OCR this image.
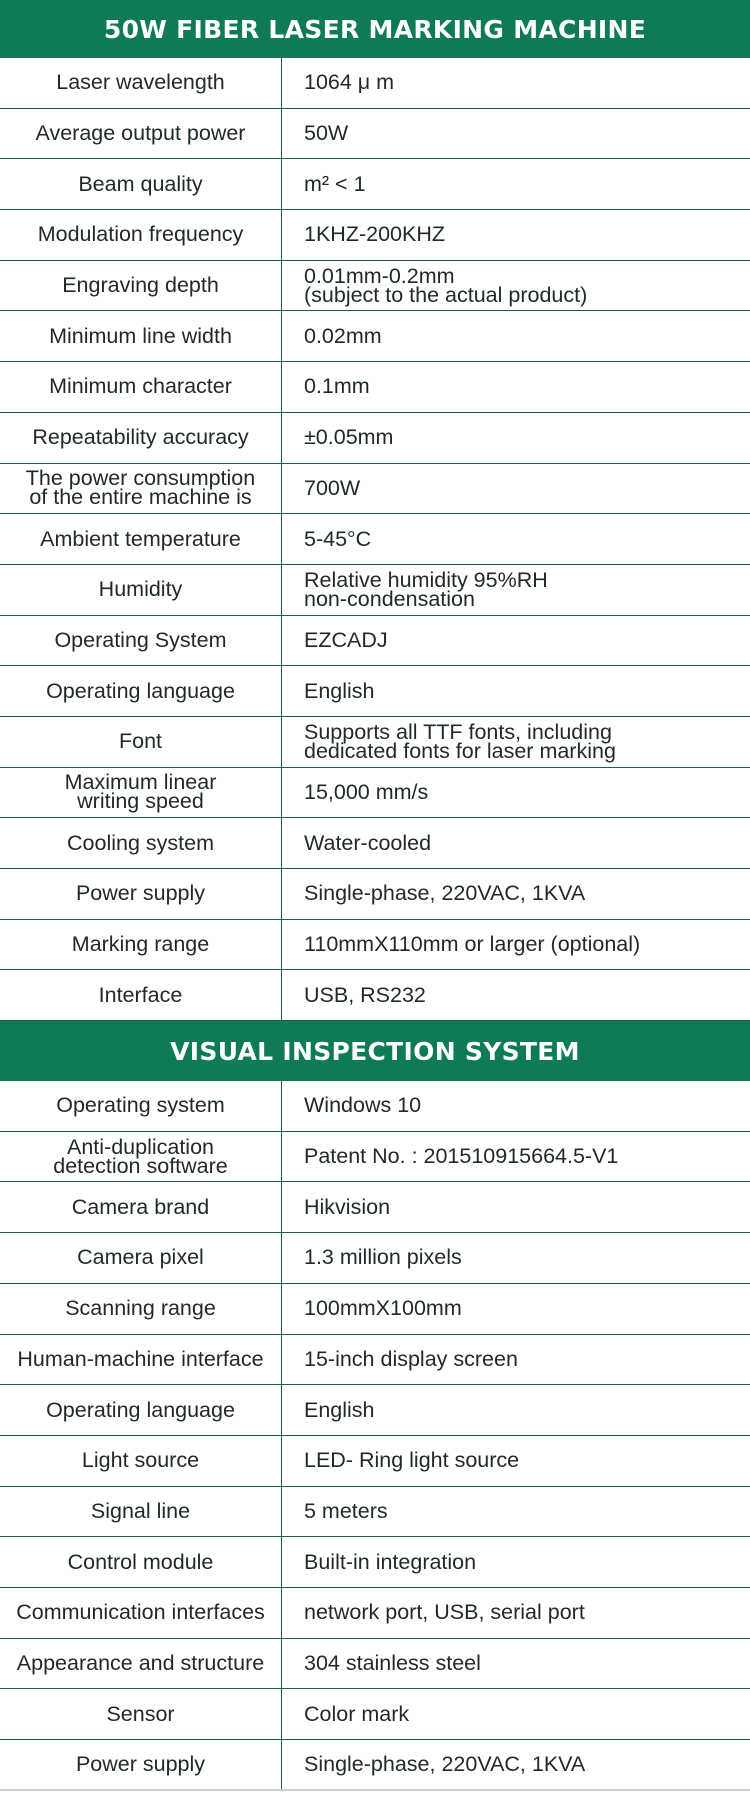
50W FIBER LASER MARKING MACHINE
Laser wavelength	1064 μ m
Average output power	50W
Beam quality	m² < 1
Modulation frequency	1KHZ-200KHZ
Engraving depth	0.01mm-0.2mm
(subject to the actual product)
Minimum line width	0.02mm
Minimum character	0.1mm
Repeatability accuracy	±0.05mm
The power consumption
of the entire machine is	700W
Ambient temperature	5-45°C
Humidity	Relative humidity 95%RH
non-condensation
Operating System	EZCADJ
Operating language	English
Font	Supports all TTF fonts, including
dedicated fonts for laser marking
Maximum linear
writing speed	15,000 mm/s
Cooling system	Water-cooled
Power supply	Single-phase, 220VAC, 1KVA
Marking range	110mmX110mm or larger (optional)
Interface	USB, RS232
VISUAL INSPECTION SYSTEM
Operating system	Windows 10
Anti-duplication
detection software	Patent No. : 201510915664.5-V1
Camera brand	Hikvision
Camera pixel	1.3 million pixels
Scanning range	100mmX100mm
Human-machine interface	15-inch display screen
Operating language	English
Light source	LED- Ring light source
Signal line	5 meters
Control module	Built-in integration
Communication interfaces	network port, USB, serial port
Appearance and structure	304 stainless steel
Sensor	Color mark
Power supply	Single-phase, 220VAC, 1KVA
